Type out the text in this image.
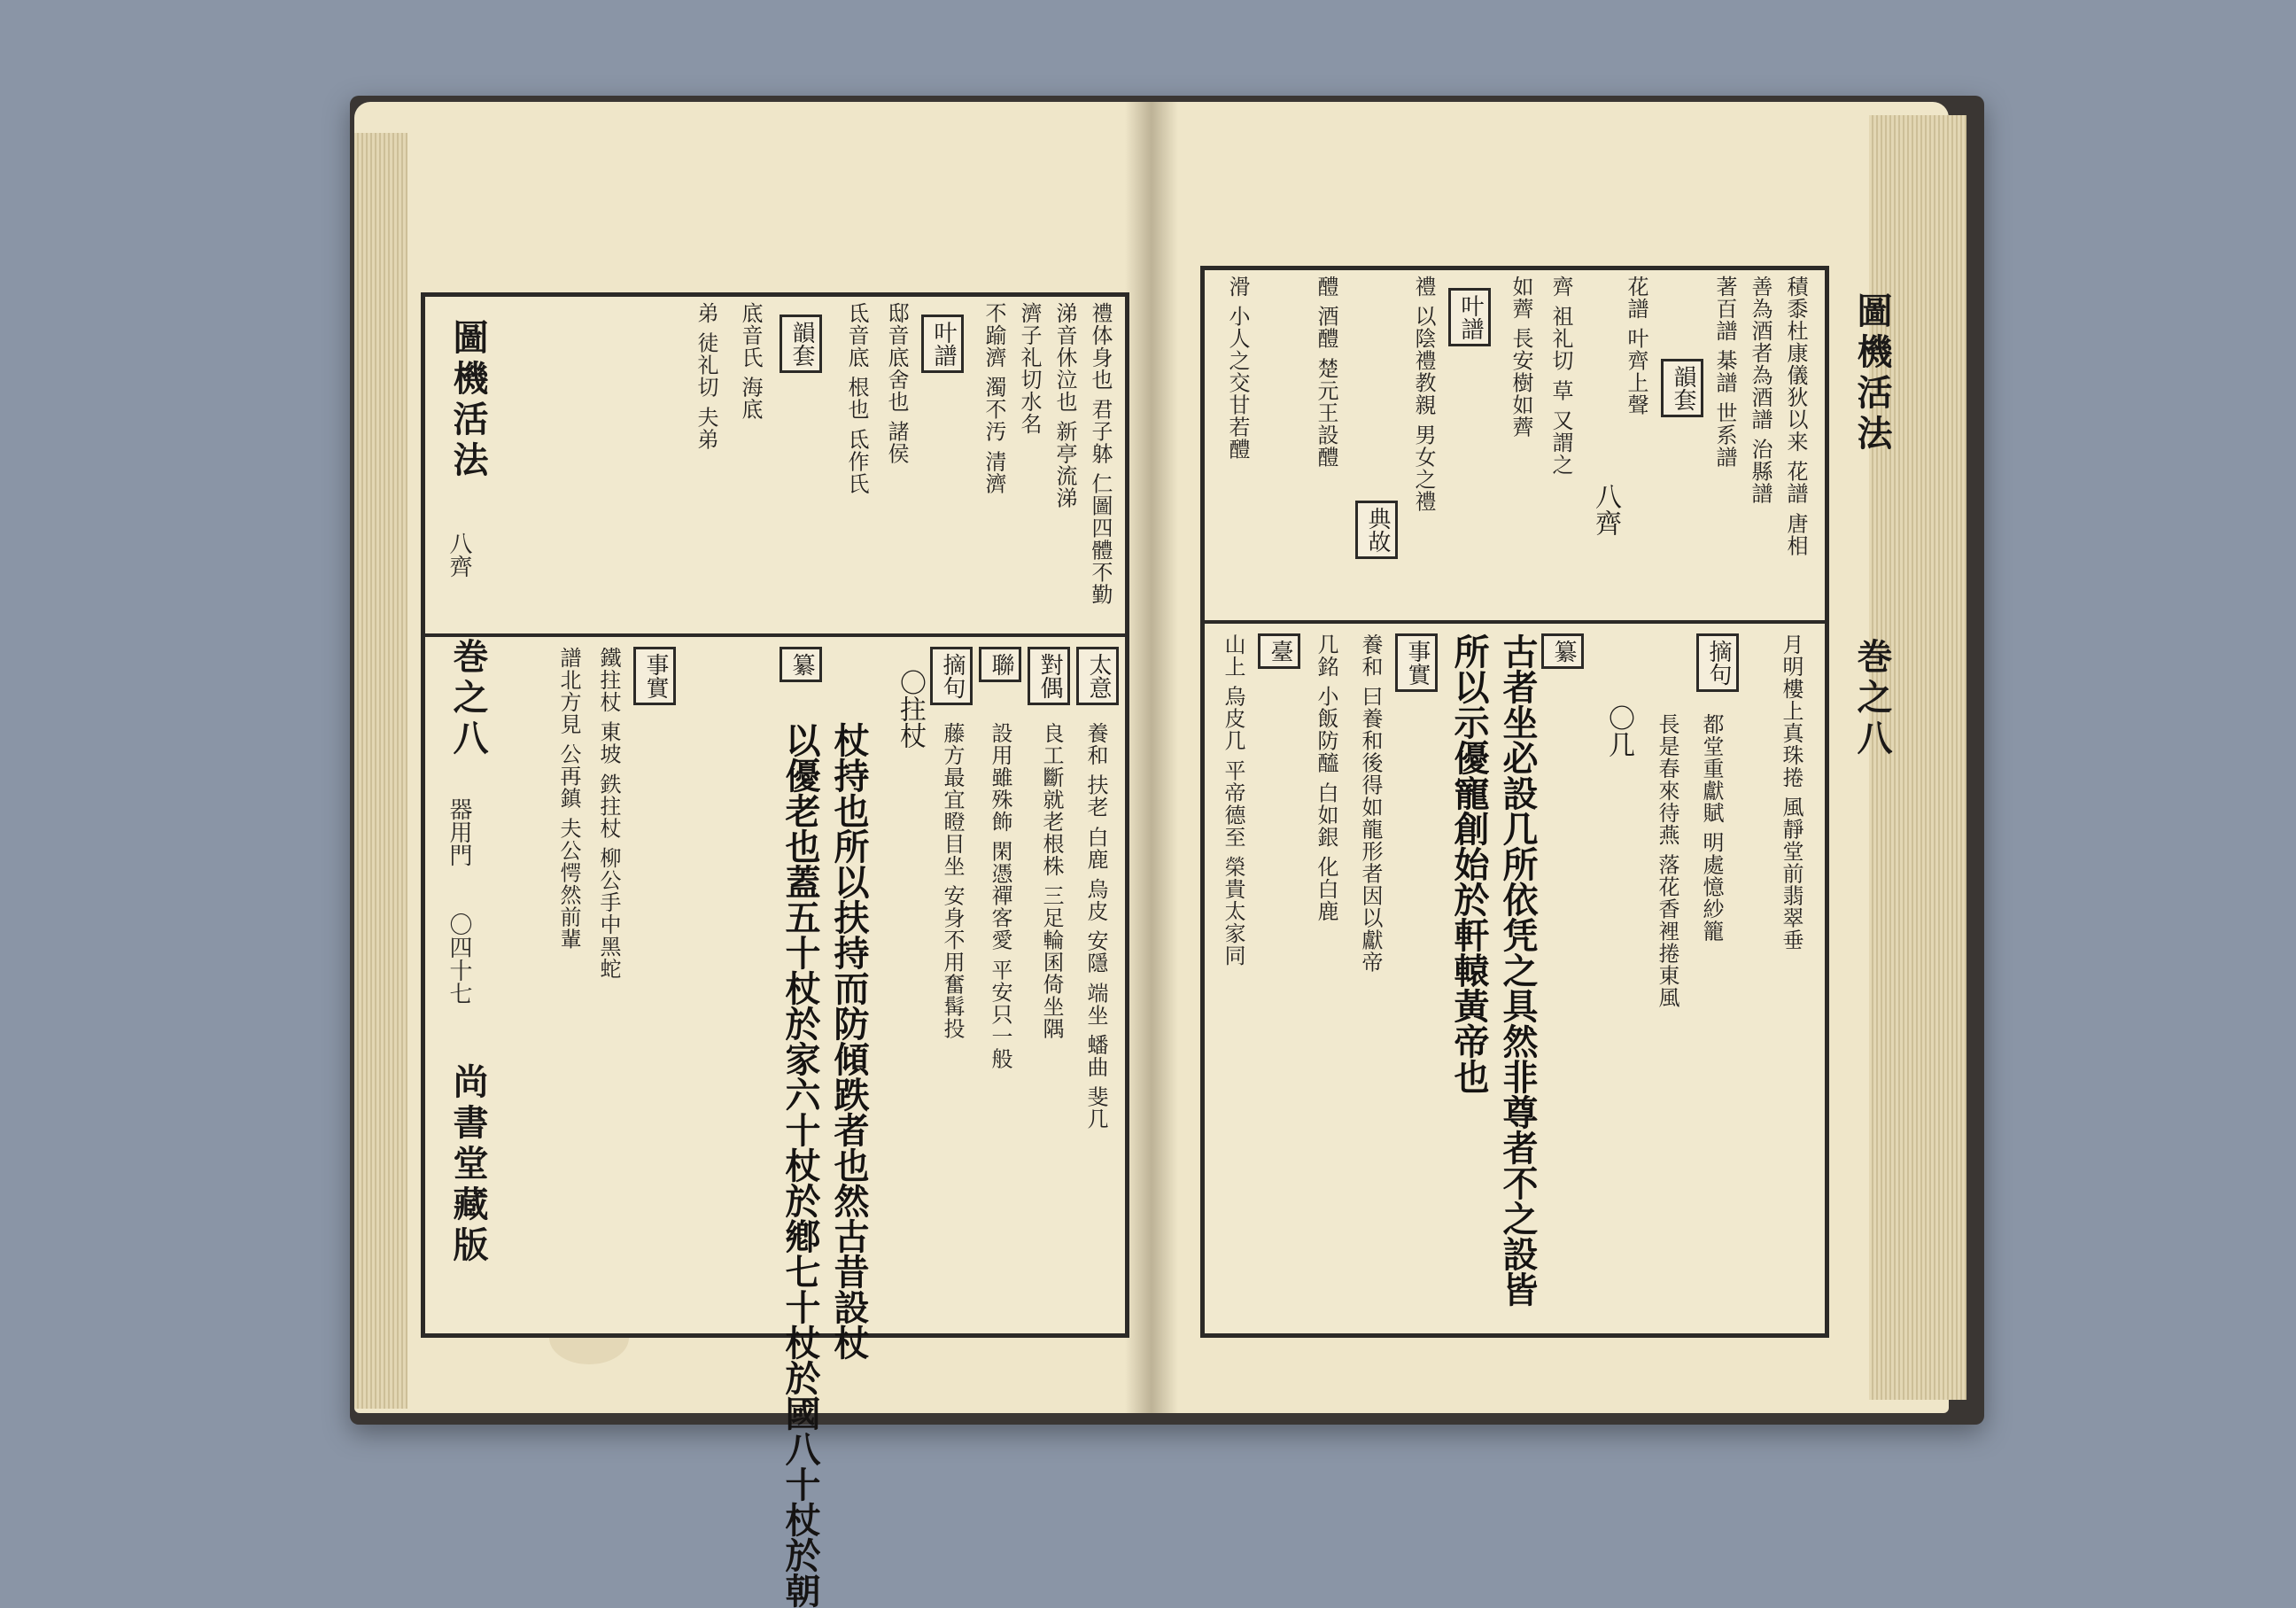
禮体身也 君子躰 仁圖四體不勤
涕音休泣也 新亭流涕
濟子礼切水名
不踰濟 濁不汚 清濟
叶譜
邸音底舍也 諸侯
氐音底 根也 氐作氏
韻套
底音氏 海底
弟 徒礼切 夫弟
太意
養和 扶老 白鹿 烏皮 安隱 端坐 蟠曲 斐几
對偶
良工斷就老根株 三足輪囷倚坐隅
聯
設用雖殊飾 閑憑禪客愛 平安只一般
摘句
藤方最宜瞪目坐 安身不用奮髯投
〇拄杖
纂
杖持也所以扶持而防傾跌者也然古昔設杖
以優老也蓋五十杖於家六十杖於鄕七十杖於國八十杖於朝
事實
鐵拄杖 東坡 鉄拄杖 柳公手中黑蛇
譜北方見 公再鎮 夫公愕然前輩
圖機活法
八齊
巻之八
器用門
〇四十七
尚書堂藏版
積黍杜康儀狄以来 花譜 唐相
善為酒者為酒譜 治縣譜
著百譜 棊譜 世系譜
韻套
花譜 叶齊上聲
八齊
齊 祖礼切 草 又謂之
如薺 長安樹如薺
叶譜
禮 以陰禮教親 男女之禮
典故
醴 酒醴 楚元王設醴
滑 小人之交甘若醴
月明樓上真珠捲 風靜堂前翡翠垂
摘句
都堂重獻賦 明處憶紗籠
長是春來待燕 落花香裡捲東風
〇几
纂
古者坐必設几所依凭之具然非尊者不之設皆
所以示優寵創始於軒轅黃帝也
事實
養和 曰養和後得如龍形者因以獻帝
几銘 小飯防醯 白如銀 化白鹿
臺
山上 烏皮几 平帝德至 榮貴太家同
圖機活法
巻之八
